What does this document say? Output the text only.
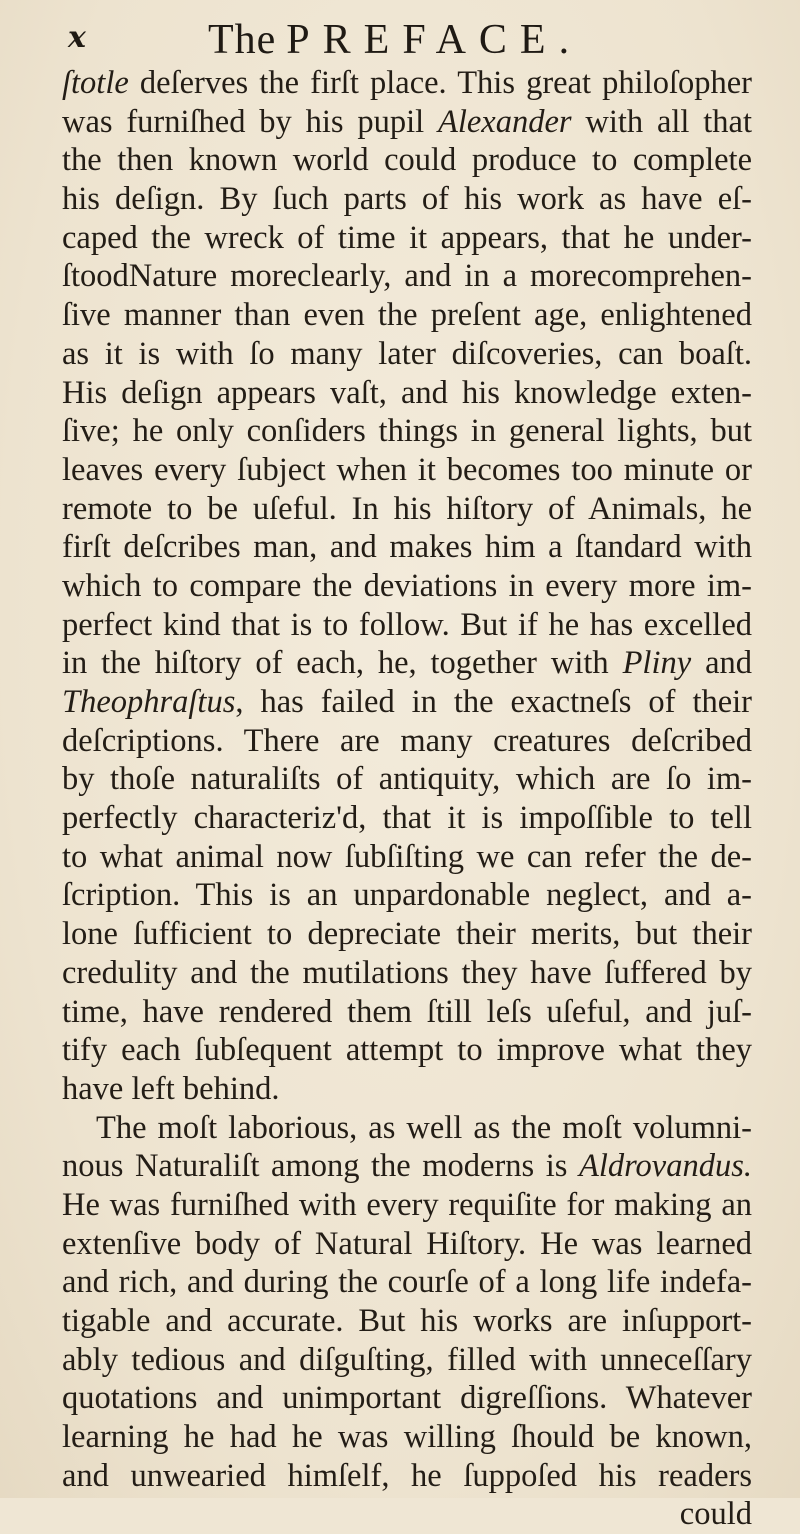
x	The PREFACE.
ſtotle deſerves the firſt place. This great philoſopher
was furniſhed by his pupil Alexander with all that
the then known world could produce to complete
his deſign. By ſuch parts of his work as have eſ-
caped the wreck of time it appears, that he under-
ſtoodNature moreclearly, and in a morecomprehen-
ſive manner than even the preſent age, enlightened
as it is with ſo many later diſcoveries, can boaſt.
His deſign appears vaſt, and his knowledge exten-
ſive; he only conſiders things in general lights, but
leaves every ſubject when it becomes too minute or
remote to be uſeful. In his hiſtory of Animals, he
firſt deſcribes man, and makes him a ſtandard with
which to compare the deviations in every more im-
perfect kind that is to follow. But if he has excelled
in the hiſtory of each, he, together with Pliny and
Theophraſtus, has failed in the exactneſs of their
deſcriptions. There are many creatures deſcribed
by thoſe naturaliſts of antiquity, which are ſo im-
perfectly characteriz'd, that it is impoſſible to tell
to what animal now ſubſiſting we can refer the de-
ſcription. This is an unpardonable neglect, and a-
lone ſufficient to depreciate their merits, but their
credulity and the mutilations they have ſuffered by
time, have rendered them ſtill leſs uſeful, and juſ-
tify each ſubſequent attempt to improve what they
have left behind.
The moſt laborious, as well as the moſt volumni-
nous Naturaliſt among the moderns is Aldrovandus.
He was furniſhed with every requiſite for making an
extenſive body of Natural Hiſtory. He was learned
and rich, and during the courſe of a long life indefa-
tigable and accurate. But his works are inſupport-
ably tedious and diſguſting, filled with unneceſſary
quotations and unimportant digreſſions. Whatever
learning he had he was willing ſhould be known,
and unwearied himſelf, he ſuppoſed his readers
could
